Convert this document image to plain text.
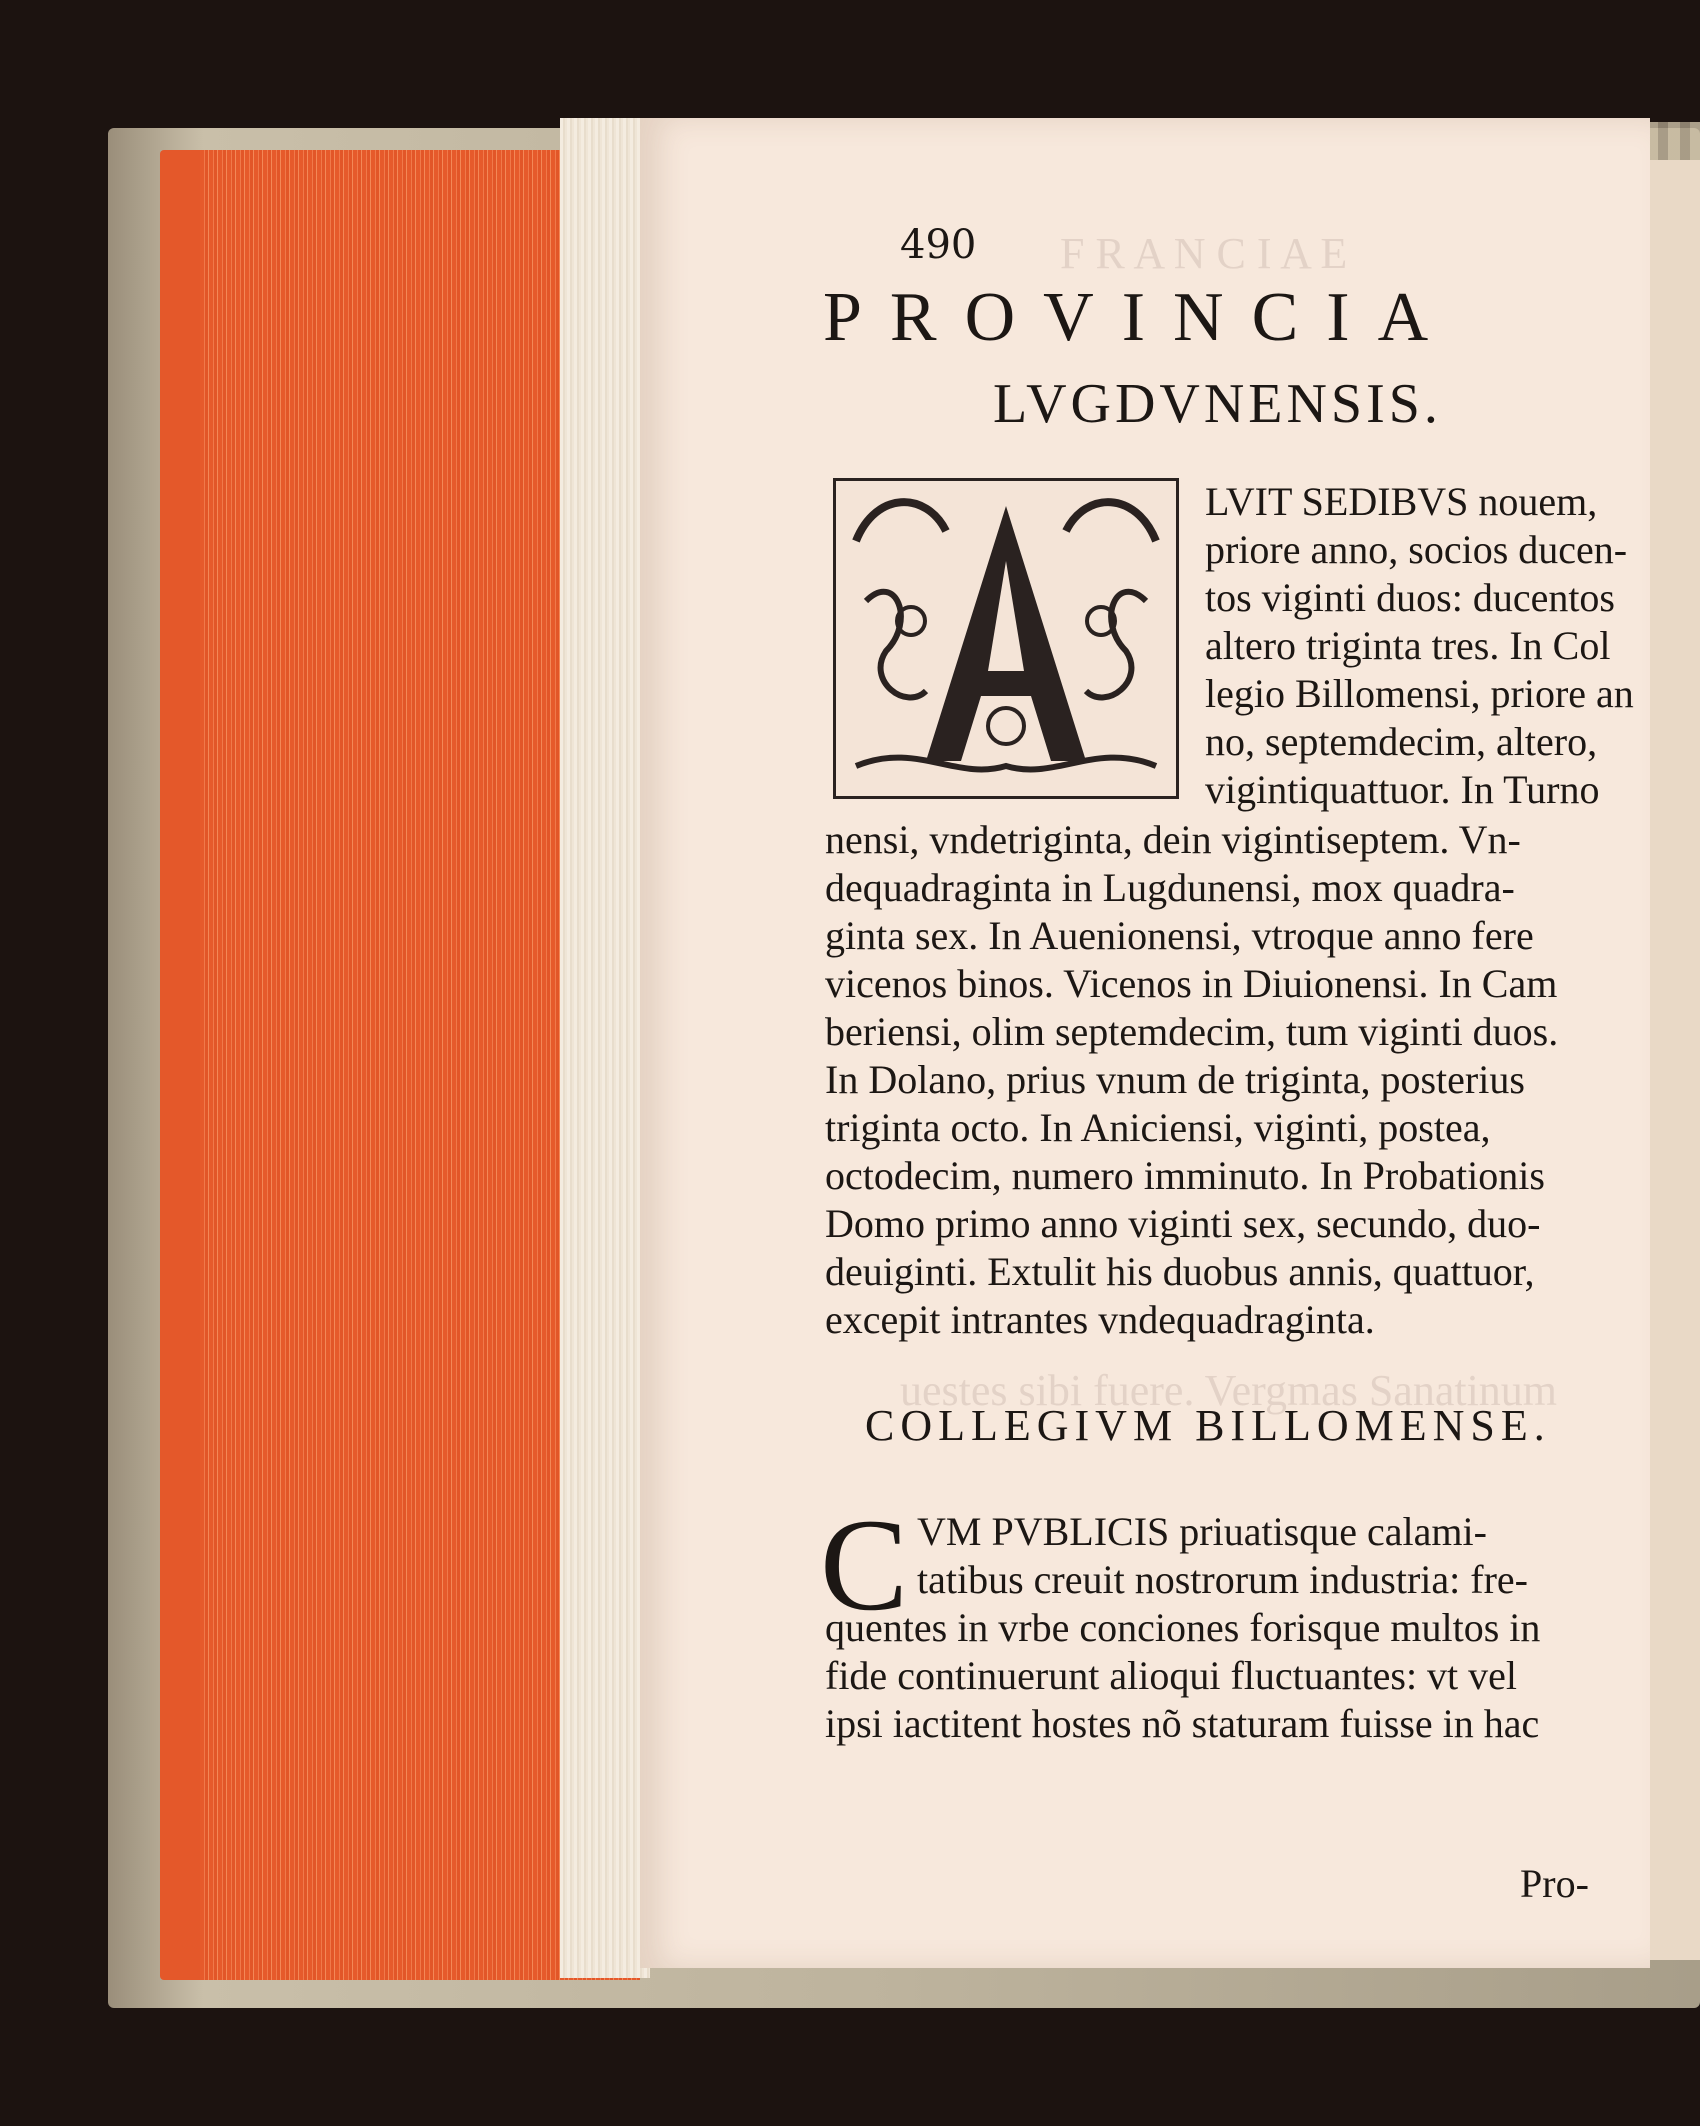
F R A N C I A E
uestes sibi fuere. Vergmas Sanatinum
490
PROVINCIA
LVGDVNENSIS.
LVIT SEDIBVS nouem,
priore anno, socios ducen-
tos viginti duos: ducentos
altero triginta tres. In Col
legio Billomensi, priore an
no, septemdecim, altero,
vigintiquattuor. In Turno
nensi, vndetriginta, dein vigintiseptem. Vn-
dequadraginta in Lugdunensi, mox quadra-
ginta sex. In Auenionensi, vtroque anno fere
vicenos binos. Vicenos in Diuionensi. In Cam
beriensi, olim septemdecim, tum viginti duos.
In Dolano, prius vnum de triginta, posterius
triginta octo. In Aniciensi, viginti, postea,
octodecim, numero imminuto. In Probationis
Domo primo anno viginti sex, secundo, duo-
deuiginti. Extulit his duobus annis, quattuor,
excepit intrantes vndequadraginta.
COLLEGIVM BILLOMENSE.
C VM PVBLICIS priuatisque calami-
tatibus creuit nostrorum industria: fre-
quentes in vrbe conciones forisque multos in
fide continuerunt alioqui fluctuantes: vt vel
ipsi iactitent hostes nõ staturam fuisse in hac
Pro-
